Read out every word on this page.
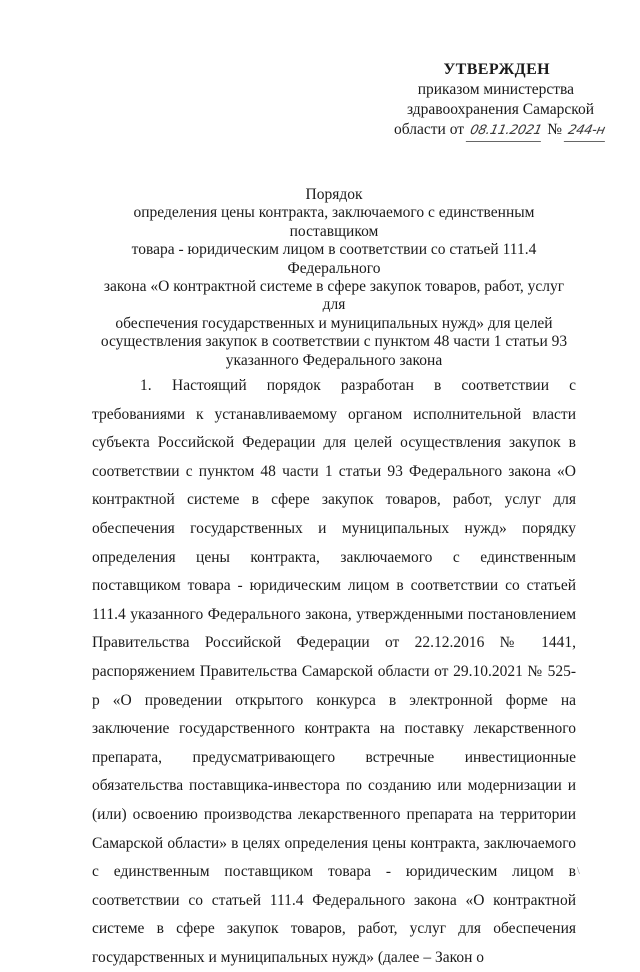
УТВЕРЖДЕН
приказом министерства
здравоохранения Самарской
области от 08.11.2021 № 244-н
Порядок
определения цены контракта, заключаемого с единственным поставщиком
товара - юридическим лицом в соответствии со статьей 111.4 Федерального
закона «О контрактной системе в сфере закупок товаров, работ, услуг для
обеспечения государственных и муниципальных нужд» для целей
осуществления закупок в соответствии с пунктом 48 части 1 статьи 93
указанного Федерального закона

1. Настоящий порядок разработан в соответствии с требованиями к устанавливаемому органом исполнительной власти субъекта Российской Федерации для целей осуществления закупок в соответствии с пунктом 48 части 1 статьи 93 Федерального закона «О контрактной системе в сфере закупок товаров, работ, услуг для обеспечения государственных и муниципальных нужд» порядку определения цены контракта, заключаемого с единственным поставщиком товара - юридическим лицом в соответствии со статьей 111.4 указанного Федерального закона, утвержденными постановлением Правительства Российской Федерации от 22.12.2016 № 1441, распоряжением Правительства Самарской области от 29.10.2021 № 525-р «О проведении открытого конкурса в электронной форме на заключение государственного контракта на поставку лекарственного препарата, предусматривающего встречные инвестиционные обязательства поставщика-инвестора по созданию или модернизации и (или) освоению производства лекарственного препарата на территории Самарской области» в целях определения цены контракта, заключаемого с единственным поставщиком товара - юридическим лицом в соответствии со статьей 111.4 Федерального закона «О контрактной системе в сфере закупок товаров, работ, услуг для обеспечения государственных и муниципальных нужд» (далее – Закон о

\
